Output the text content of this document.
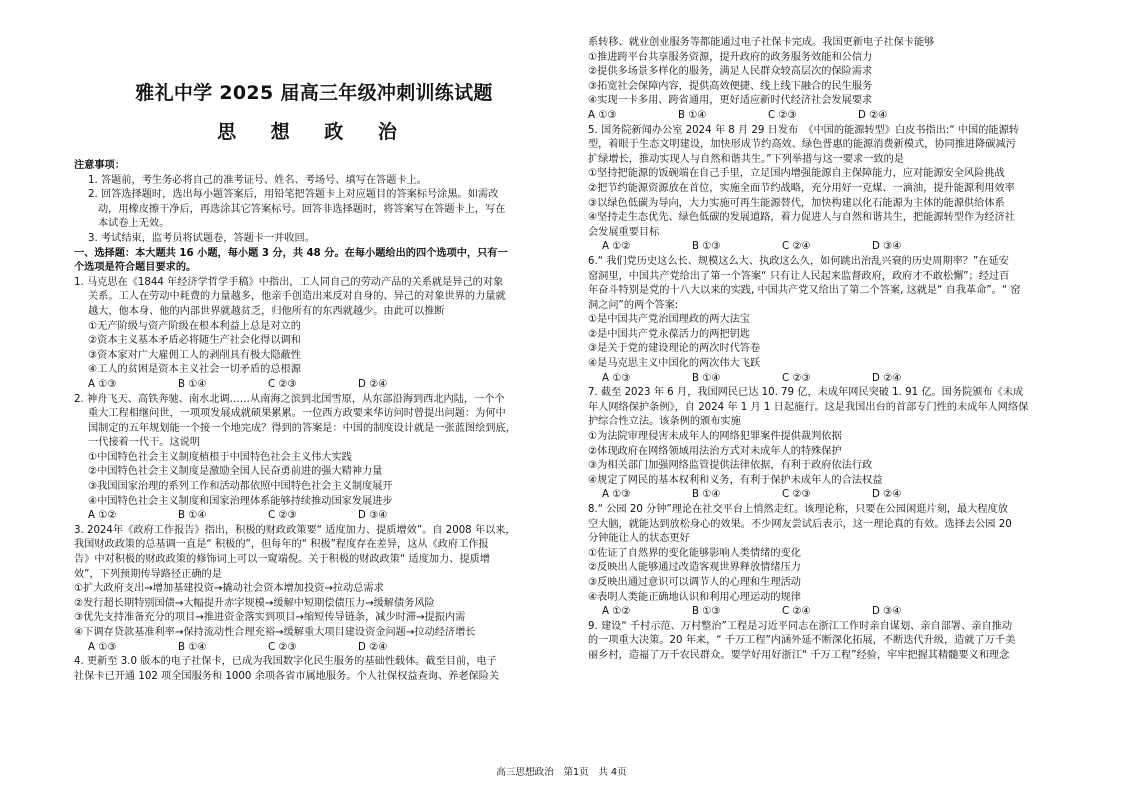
雅礼中学 2025 届高三年级冲刺训练试题
思 想 政 治
注意事项：
1. 答题前，考生务必将自己的准考证号、姓名、考场号、填写在答题卡上。
2. 回答选择题时，选出每小题答案后，用铅笔把答题卡上对应题目的答案标号涂黑。如需改
动，用橡皮擦干净后，再选涂其它答案标号。回答非选择题时，将答案写在答题卡上，写在
本试卷上无效。
3. 考试结束，监考员将试题卷，答题卡一并收回。
一、选择题：本大题共 16 小题，每小题 3 分，共 48 分。在每小题给出的四个选项中，只有一
个选项是符合题目要求的。
1. 马克思在《1844 年经济学哲学手稿》中指出，工人同自己的劳动产品的关系就是异己的对象
关系。工人在劳动中耗费的力量越多，他亲手创造出来反对自身的、异己的对象世界的力量就
越大，他本身、他的内部世界就越贫乏，归他所有的东西就越少。由此可以推断
①无产阶级与资产阶级在根本利益上总是对立的
②资本主义基本矛盾必将随生产社会化得以调和
③资本家对广大雇佣工人的剥削具有极大隐蔽性
④工人的贫困是资本主义社会一切矛盾的总根源
A ①③	B ①④	C ②③	D ②④
2. 神舟飞天、高铁奔驰、南水北调……从南海之滨到北国雪原，从东部沿海到西北内陆，一个个
重大工程相继问世，一项项发展成就硕果累累。一位西方政要来华访问时曾提出问题：为何中
国制定的五年规划能一个接一个地完成？得到的答案是：中国的制度设计就是一张蓝图绘到底，
一代接着一代干。这说明
①中国特色社会主义制度植根于中国特色社会主义伟大实践
②中国特色社会主义制度是激励全国人民奋勇前进的强大精神力量
③我国国家治理的系列工作和活动都依照中国特色社会主义制度展开
④中国特色社会主义制度和国家治理体系能够持续推动国家发展进步
A ①②	B ①④	C ②③	D ③④
3. 2024年《政府工作报告》指出，积极的财政政策要“ 适度加力、提质增效”。自 2008 年以来，
我国财政政策的总基调一直是“ 积极的”，但每年的“ 积极”程度存在差异，这从《政府工作报
告》中对积极的财政政策的修饰词上可以一窥端倪。关于积极的财政政策“ 适度加力、提质增
效”，下列预期传导路径正确的是
①扩大政府支出→增加基建投资→撬动社会资本增加投资→拉动总需求
②发行超长期特别国债→大幅提升赤字规模→缓解中短期偿债压力→缓解债务风险
③优先支持准备充分的项目→推进资金落实到项目→缩短传导链条，减少时滞→提振内需
④下调存贷款基准利率→保持流动性合理充裕→缓解重大项目建设资金问题→拉动经济增长
A ①③	B ①④	C ②③	D ②④
4. 更新至 3.0 版本的电子社保卡，已成为我国数字化民生服务的基础性载体。截至目前，电子
社保卡已开通 102 项全国服务和 1000 余项各省市属地服务。个人社保权益查询、养老保险关
系转移、就业创业服务等都能通过电子社保卡完成。我国更新电子社保卡能够
①推进跨平台共享服务资源，提升政府的政务服务效能和公信力
②提供多场景多样化的服务，满足人民群众较高层次的保险需求
③拓宽社会保障内容，提供高效便捷、线上线下融合的民生服务
④实现一卡多用、跨省通用，更好适应新时代经济社会发展要求
A ①③	B ①④	C ②③	D ②④
5. 国务院新闻办公室 2024 年 8 月 29 日发布　《中国的能源转型》白皮书指出:“ 中国的能源转
型，着眼于生态文明建设，加快形成节约高效、绿色普惠的能源消费新模式，协同推进降碳减污
扩绿增长，推动实现人与自然和谐共生。”下列举措与这一要求一致的是
①坚持把能源的饭碗端在自己手里，立足国内增强能源自主保障能力，应对能源安全风险挑战
②把节约能源资源放在首位，实施全面节约战略，充分用好一克煤、一滴油，提升能源利用效率
③以绿色低碳为导向，大力实施可再生能源替代，加快构建以化石能源为主体的能源供给体系
④坚持走生态优先、绿色低碳的发展道路，着力促进人与自然和谐共生，把能源转型作为经济社
会发展重要目标
A ①②	B ①③	C ②④	D ③④
6.“ 我们党历史这么长、规模这么大、执政这么久，如何跳出治乱兴衰的历史周期率？”在延安
窑洞里，中国共产党给出了第一个答案“ 只有让人民起来监督政府，政府才不敢松懈”；经过百
年奋斗特别是党的十八大以来的实践, 中国共产党又给出了第二个答案, 这就是“ 自我革命”。“ 窑
洞之问”的两个答案:
①是中国共产党治国理政的两大法宝
②是中国共产党永葆活力的两把钥匙
③是关于党的建设理论的两次时代答卷
④是马克思主义中国化的两次伟大飞跃
A ①③	B ①④	C ②③	D ②④
7. 截至 2023 年 6 月，我国网民已达 10. 79 亿，未成年网民突破 1. 91 亿。国务院颁布《未成
年人网络保护条例》，自 2024 年 1 月 1 日起施行。这是我国出台的首部专门性的未成年人网络保
护综合性立法。该条例的颁布实施
①为法院审理侵害未成年人的网络犯罪案件提供裁判依据
②体现政府在网络领域用法治方式对未成年人的特殊保护
③为相关部门加强网络监管提供法律依据，有利于政府依法行政
④规定了网民的基本权利和义务，有利于保护未成年人的合法权益
A ①③	B ①④	C ②③	D ②④
8.“ 公园 20 分钟”理论在社交平台上悄然走红。该理论称，只要在公园闲逛片刻，最大程度放
空大脑，就能达到放松身心的效果。不少网友尝试后表示，这一理论真的有效。选择去公园 20
分钟能让人的状态更好
①佐证了自然界的变化能够影响人类情绪的变化
②反映出人能够通过改造客观世界释放情绪压力
③反映出通过意识可以调节人的心理和生理活动
④表明人类能正确地认识和利用心理运动的规律
A ①②	B ①③	C ②④	D ③④
9. 建设“ 千村示范、万村整治”工程是习近平同志在浙江工作时亲自谋划、亲自部署、亲自推动
的一项重大决策。20 年来，“ 千万工程”内涵外延不断深化拓展，不断迭代升级，造就了万千美
丽乡村，造福了万千农民群众。要学好用好浙江“ 千万工程”经验，牢牢把握其精髓要义和理念
高三思想政治　第1页　共 4页
